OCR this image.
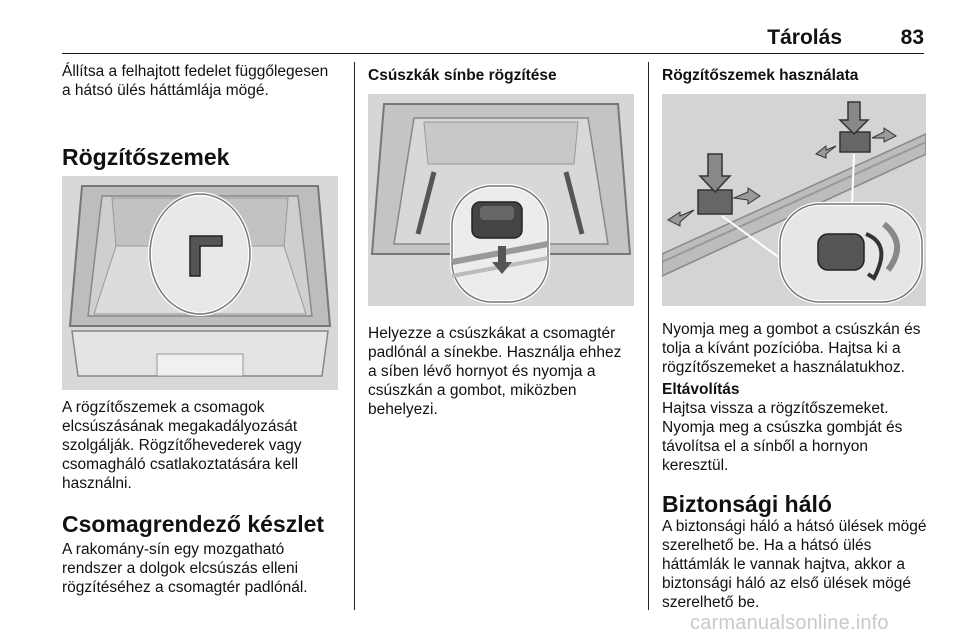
Tárolás	83

Állítsa a felhajtott fedelet függőlegesen a hátsó ülés háttámlája mögé.

Rögzítőszemek

A rögzítőszemek a csomagok elcsúszásának megakadályozását szolgálják. Rögzítőhevederek vagy csomagháló csatlakoztatására kell használni.

Csomagrendező készlet

A rakomány-sín egy mozgatható rendszer a dolgok elcsúszás elleni rögzítéséhez a csomagtér padlónál.

Csúszkák sínbe rögzítése

Helyezze a csúszkákat a csomagtér padlónál a sínekbe. Használja ehhez a síben lévő hornyot és nyomja a csúszkán a gombot, miközben behelyezi.

Rögzítőszemek használata

Nyomja meg a gombot a csúszkán és tolja a kívánt pozícióba. Hajtsa ki a rögzítőszemeket a használatukhoz.

Eltávolítás

Hajtsa vissza a rögzítőszemeket. Nyomja meg a csúszka gombját és távolítsa el a sínből a hornyon keresztül.

Biztonsági háló

A biztonsági háló a hátsó ülések mögé szerelhető be. Ha a hátsó ülés háttámlák le vannak hajtva, akkor a biztonsági háló az első ülések mögé szerelhető be.

carmanualsonline.info
